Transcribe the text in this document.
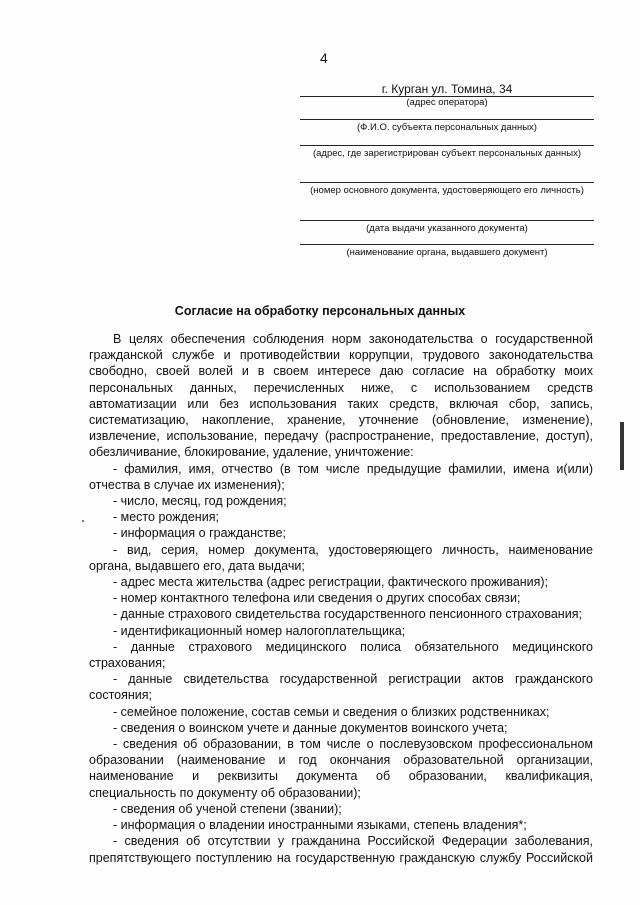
4
г. Курган ул. Томина, 34
(адрес оператора)
(Ф.И.О. субъекта персональных данных)
(адрес, где зарегистрирован субъект персональных данных)
(номер основного документа, удостоверяющего его личность)
(дата выдачи указанного документа)
(наименование органа, выдавшего документ)
Согласие на обработку персональных данных

В целях обеспечения соблюдения норм законодательства о государственной гражданской службе и противодействии коррупции, трудового законодательства свободно, своей волей и в своем интересе даю согласие на обработку моих персональных данных, перечисленных ниже, с использованием средств автоматизации или без использования таких средств, включая сбор, запись, систематизацию, накопление, хранение, уточнение (обновление, изменение), извлечение, использование, передачу (распространение, предоставление, доступ), обезличивание, блокирование, удаление, уничтожение:

- фамилия, имя, отчество (в том числе предыдущие фамилии, имена и(или) отчества в случае их изменения);

- число, месяц, год рождения;

- место рождения;

- информация о гражданстве;

- вид, серия, номер документа, удостоверяющего личность, наименование органа, выдавшего его, дата выдачи;

- адрес места жительства (адрес регистрации, фактического проживания);

- номер контактного телефона или сведения о других способах связи;

- данные страхового свидетельства государственного пенсионного страхования;

- идентификационный номер налогоплательщика;

- данные страхового медицинского полиса обязательного медицинского страхования;

- данные свидетельства государственной регистрации актов гражданского состояния;

- семейное положение, состав семьи и сведения о близких родственниках;

- сведения о воинском учете и данные документов воинского учета;

- сведения об образовании, в том числе о послевузовском профессиональном образовании (наименование и год окончания образовательной организации, наименование и реквизиты документа об образовании, квалификация, специальность по документу об образовании);

- сведения об ученой степени (звании);

- информация о владении иностранными языками, степень владения*;

- сведения об отсутствии у гражданина Российской Федерации заболевания, препятствующего поступлению на государственную гражданскую службу Российской
